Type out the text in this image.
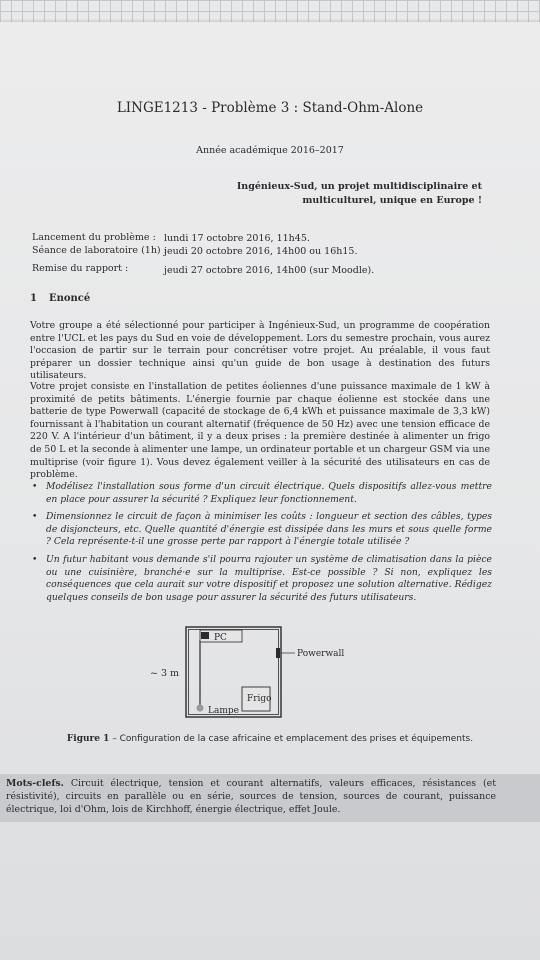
LINGE1213 - Problème 3 : Stand-Ohm-Alone
Année académique 2016–2017
Ingénieux-Sud, un projet multidisciplinaire et
multiculturel, unique en Europe !
Lancement du problème : lundi 17 octobre 2016, 11h45.
Séance de laboratoire (1h) :
jeudi 20 octobre 2016, 14h00 ou 16h15.
Remise du rapport :	jeudi 27 octobre 2016, 14h00 (sur Moodle).
1 Enoncé
Votre groupe a été sélectionné pour participer à Ingénieux-Sud, un programme de coopération entre l'UCL et les pays du Sud en voie de développement. Lors du semestre prochain, vous aurez l'occasion de partir sur le terrain pour concrétiser votre projet. Au préalable, il vous faut préparer un dossier technique ainsi qu'un guide de bon usage à destination des futurs utilisateurs.
Votre projet consiste en l'installation de petites éoliennes d'une puissance maximale de 1 kW à proximité de petits bâtiments. L'énergie fournie par chaque éolienne est stockée dans une batterie de type Powerwall (capacité de stockage de 6,4 kWh et puissance maximale de 3,3 kW) fournissant à l'habitation un courant alternatif (fréquence de 50 Hz) avec une tension efficace de 220 V. A l'intérieur d'un bâtiment, il y a deux prises : la première destinée à alimenter un frigo de 50 L et la seconde à alimenter une lampe, un ordinateur portable et un chargeur GSM via une multiprise (voir figure 1). Vous devez également veiller à la sécurité des utilisateurs en cas de problème.
• Modélisez l'installation sous forme d'un circuit électrique. Quels dispositifs allez-vous mettre en place pour assurer la sécurité ? Expliquez leur fonctionnement.
• Dimensionnez le circuit de façon à minimiser les coûts : longueur et section des câbles, types de disjoncteurs, etc. Quelle quantité d'énergie est dissipée dans les murs et sous quelle forme ? Cela représente-t-il une grosse perte par rapport à l'énergie totale utilisée ?
• Un futur habitant vous demande s'il pourra rajouter un système de climatisation dans la pièce ou une cuisinière, branché·e sur la multiprise. Est-ce possible ? Si non, expliquez les conséquences que cela aurait sur votre dispositif et proposez une solution alternative. Rédigez quelques conseils de bon usage pour assurer la sécurité des futurs utilisateurs.
PC
Powerwall
Frigo
Lampe
~ 3 m
Figure 1 – Configuration de la case africaine et emplacement des prises et équipements.
Mots-clefs. Circuit électrique, tension et courant alternatifs, valeurs efficaces, résistances (et résistivité), circuits en parallèle ou en série, sources de tension, sources de courant, puissance électrique, loi d'Ohm, lois de Kirchhoff, énergie électrique, effet Joule.
